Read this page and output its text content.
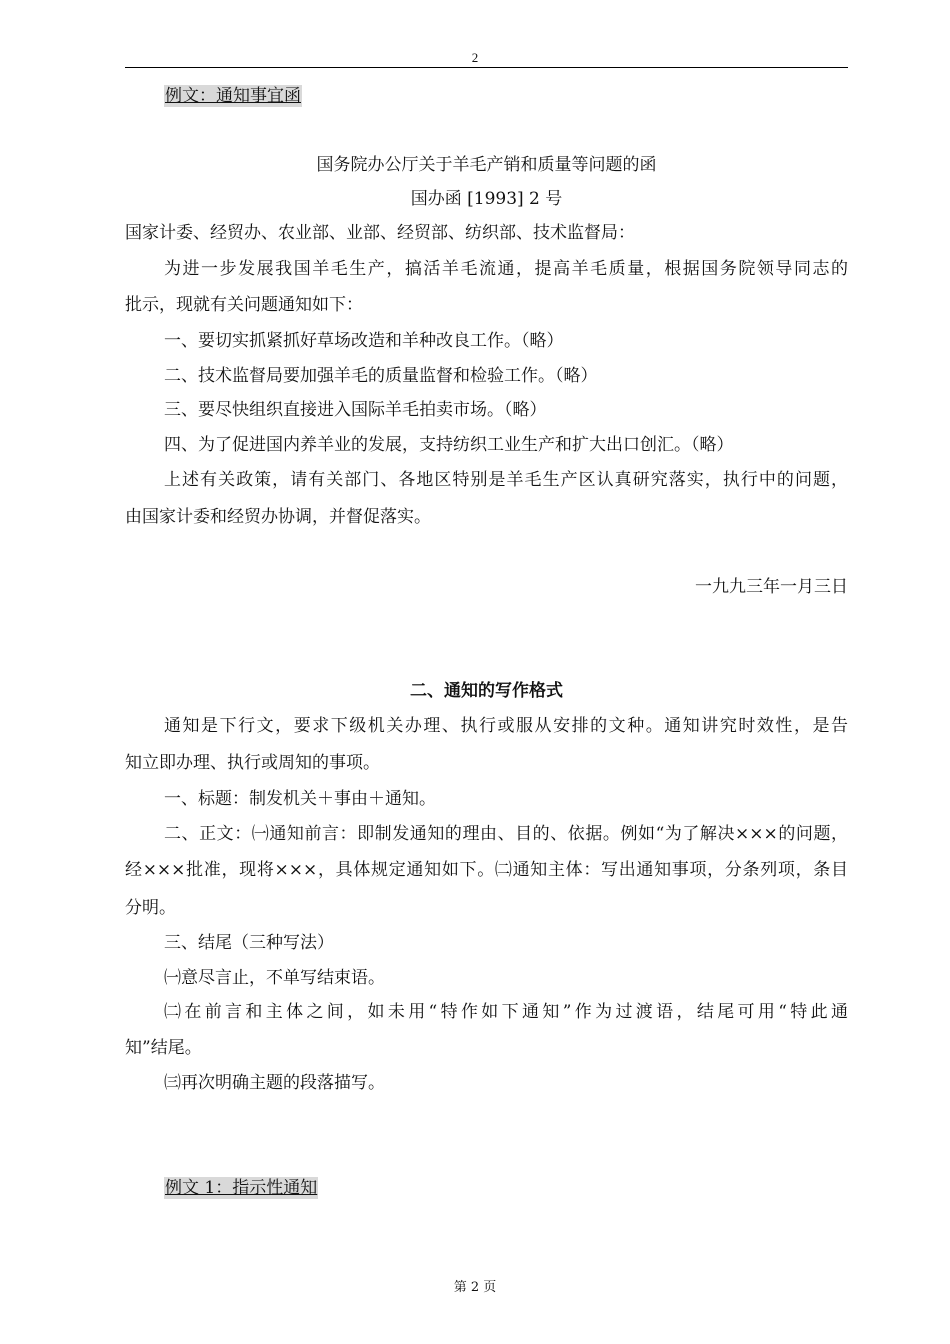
2
例文：通知事宜函
国务院办公厅关于羊毛产销和质量等问题的函
国办函 [1993] 2 号
国家计委、经贸办、农业部、业部、经贸部、纺织部、技术监督局：
为进一步发展我国羊毛生产，搞活羊毛流通，提高羊毛质量，根据国务院领导同志的
批示，现就有关问题通知如下：
一、要切实抓紧抓好草场改造和羊种改良工作。（略）
二、技术监督局要加强羊毛的质量监督和检验工作。（略）
三、要尽快组织直接进入国际羊毛拍卖市场。（略）
四、为了促进国内养羊业的发展，支持纺织工业生产和扩大出口创汇。（略）
上述有关政策，请有关部门、各地区特别是羊毛生产区认真研究落实，执行中的问题，
由国家计委和经贸办协调，并督促落实。
一九九三年一月三日
二、通知的写作格式
通知是下行文，要求下级机关办理、执行或服从安排的文种。通知讲究时效性，是告
知立即办理、执行或周知的事项。
一、标题：制发机关＋事由＋通知。
二、正文：㈠通知前言：即制发通知的理由、目的、依据。例如“为了解决×××的问题，
经×××批准，现将×××，具体规定通知如下。㈡通知主体：写出通知事项，分条列项，条目
分明。
三、结尾（三种写法）
㈠意尽言止，不单写结束语。
㈡在前言和主体之间，如未用“特作如下通知”作为过渡语，结尾可用“特此通
知”结尾。
㈢再次明确主题的段落描写。
例文 1：指示性通知
第 2 页
